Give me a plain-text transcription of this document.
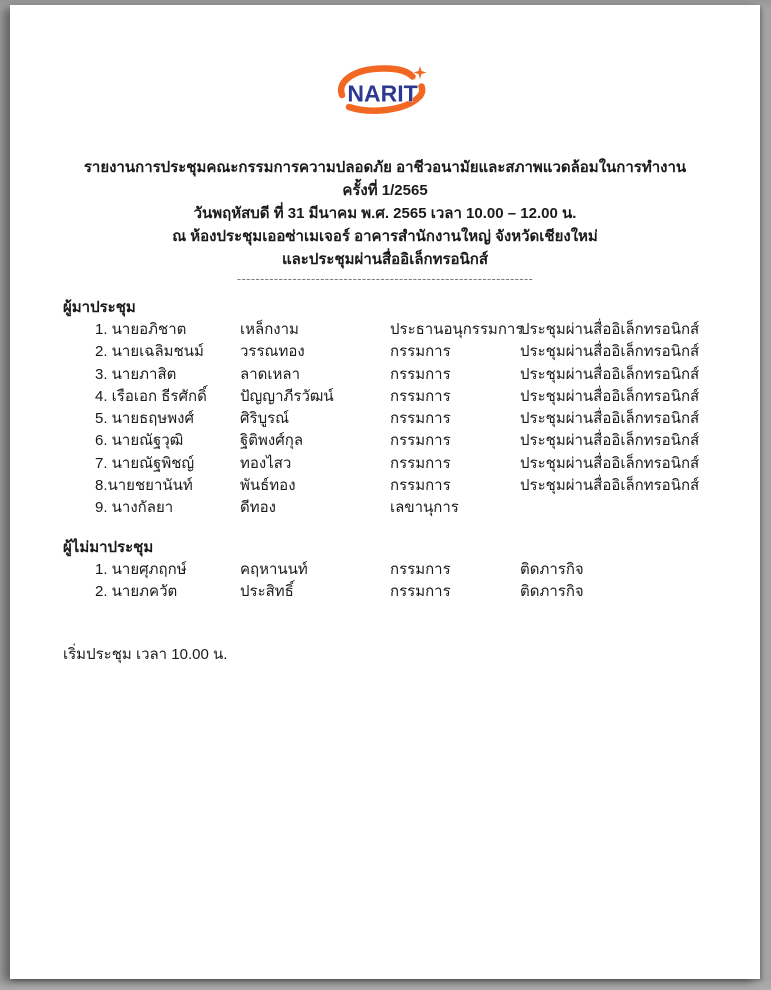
NARIT
รายงานการประชุมคณะกรรมการความปลอดภัย อาชีวอนามัยและสภาพแวดล้อมในการทำงาน
ครั้งที่ 1/2565
วันพฤหัสบดี ที่ 31 มีนาคม พ.ศ. 2565 เวลา 10.00 – 12.00 น.
ณ ห้องประชุมเออซ่าเมเจอร์ อาคารสำนักงานใหญ่ จังหวัดเชียงใหม่
และประชุมผ่านสื่ออิเล็กทรอนิกส์
----------------------------------------------------------------
ผู้มาประชุม
1. นายอภิชาต	เหล็กงาม	ประธานอนุกรรมการ	ประชุมผ่านสื่ออิเล็กทรอนิกส์
2. นายเฉลิมชนม์	วรรณทอง	กรรมการ	ประชุมผ่านสื่ออิเล็กทรอนิกส์
3. นายภาสิต	ลาดเหลา	กรรมการ	ประชุมผ่านสื่ออิเล็กทรอนิกส์
4. เรือเอก ธีรศักดิ์	ปัญญาภีรวัฒน์	กรรมการ	ประชุมผ่านสื่ออิเล็กทรอนิกส์
5. นายธฤษพงศ์	ศิริบูรณ์	กรรมการ	ประชุมผ่านสื่ออิเล็กทรอนิกส์
6. นายณัฐวุฒิ	ฐิติพงศ์กุล	กรรมการ	ประชุมผ่านสื่ออิเล็กทรอนิกส์
7. นายณัฐพิชญ์	ทองไสว	กรรมการ	ประชุมผ่านสื่ออิเล็กทรอนิกส์
8.นายชยานันท์	พันธ์ทอง	กรรมการ	ประชุมผ่านสื่ออิเล็กทรอนิกส์
9. นางกัลยา	ดีทอง	เลขานุการ	
ผู้ไม่มาประชุม
1. นายศุภฤกษ์	คฤหานนท์	กรรมการ	ติดภารกิจ
2. นายภควัต	ประสิทธิ์	กรรมการ	ติดภารกิจ
เริ่มประชุม เวลา 10.00 น.
